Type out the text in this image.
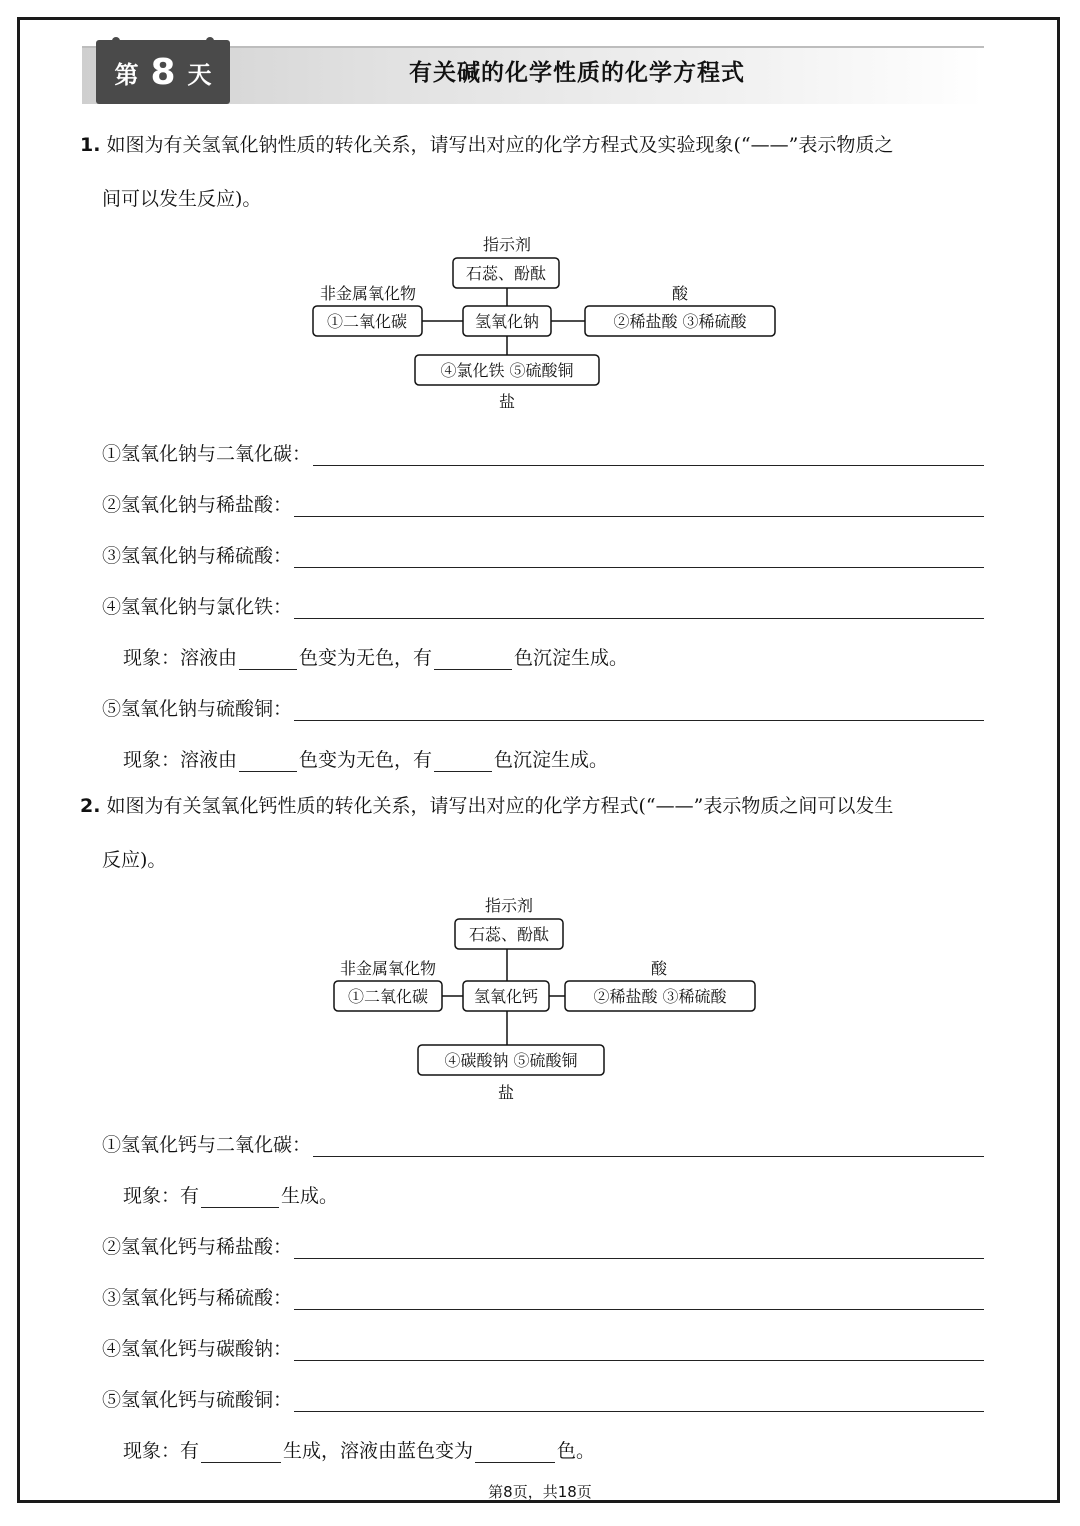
第 8 天	有关碱的化学性质的化学方程式
1. 如图为有关氢氧化钠性质的转化关系，请写出对应的化学方程式及实验现象(“——”表示物质之
间可以发生反应)。
指示剂
石蕊、酚酞
非金属氧化物
①二氧化碳	氢氧化钠
酸
②稀盐酸 ③稀硫酸
④氯化铁 ⑤硫酸铜
盐
指示剂
石蕊、酚酞
非金属氧化物
①二氧化碳	氢氧化钙
酸
②稀盐酸 ③稀硫酸
④碳酸钠 ⑤硫酸铜
盐
①氢氧化钠与二氧化碳：
②氢氧化钠与稀盐酸：
③氢氧化钠与稀硫酸：
④氢氧化钠与氯化铁：
现象：溶液由	色变为无色，有	色沉淀生成。
⑤氢氧化钠与硫酸铜：
现象：溶液由	色变为无色，有	色沉淀生成。
2. 如图为有关氢氧化钙性质的转化关系，请写出对应的化学方程式(“——”表示物质之间可以发生
反应)。
①氢氧化钙与二氧化碳：
现象：有	生成。
②氢氧化钙与稀盐酸：
③氢氧化钙与稀硫酸：
④氢氧化钙与碳酸钠：
⑤氢氧化钙与硫酸铜：
现象：有	生成，溶液由蓝色变为	色。
第8页，共18页
